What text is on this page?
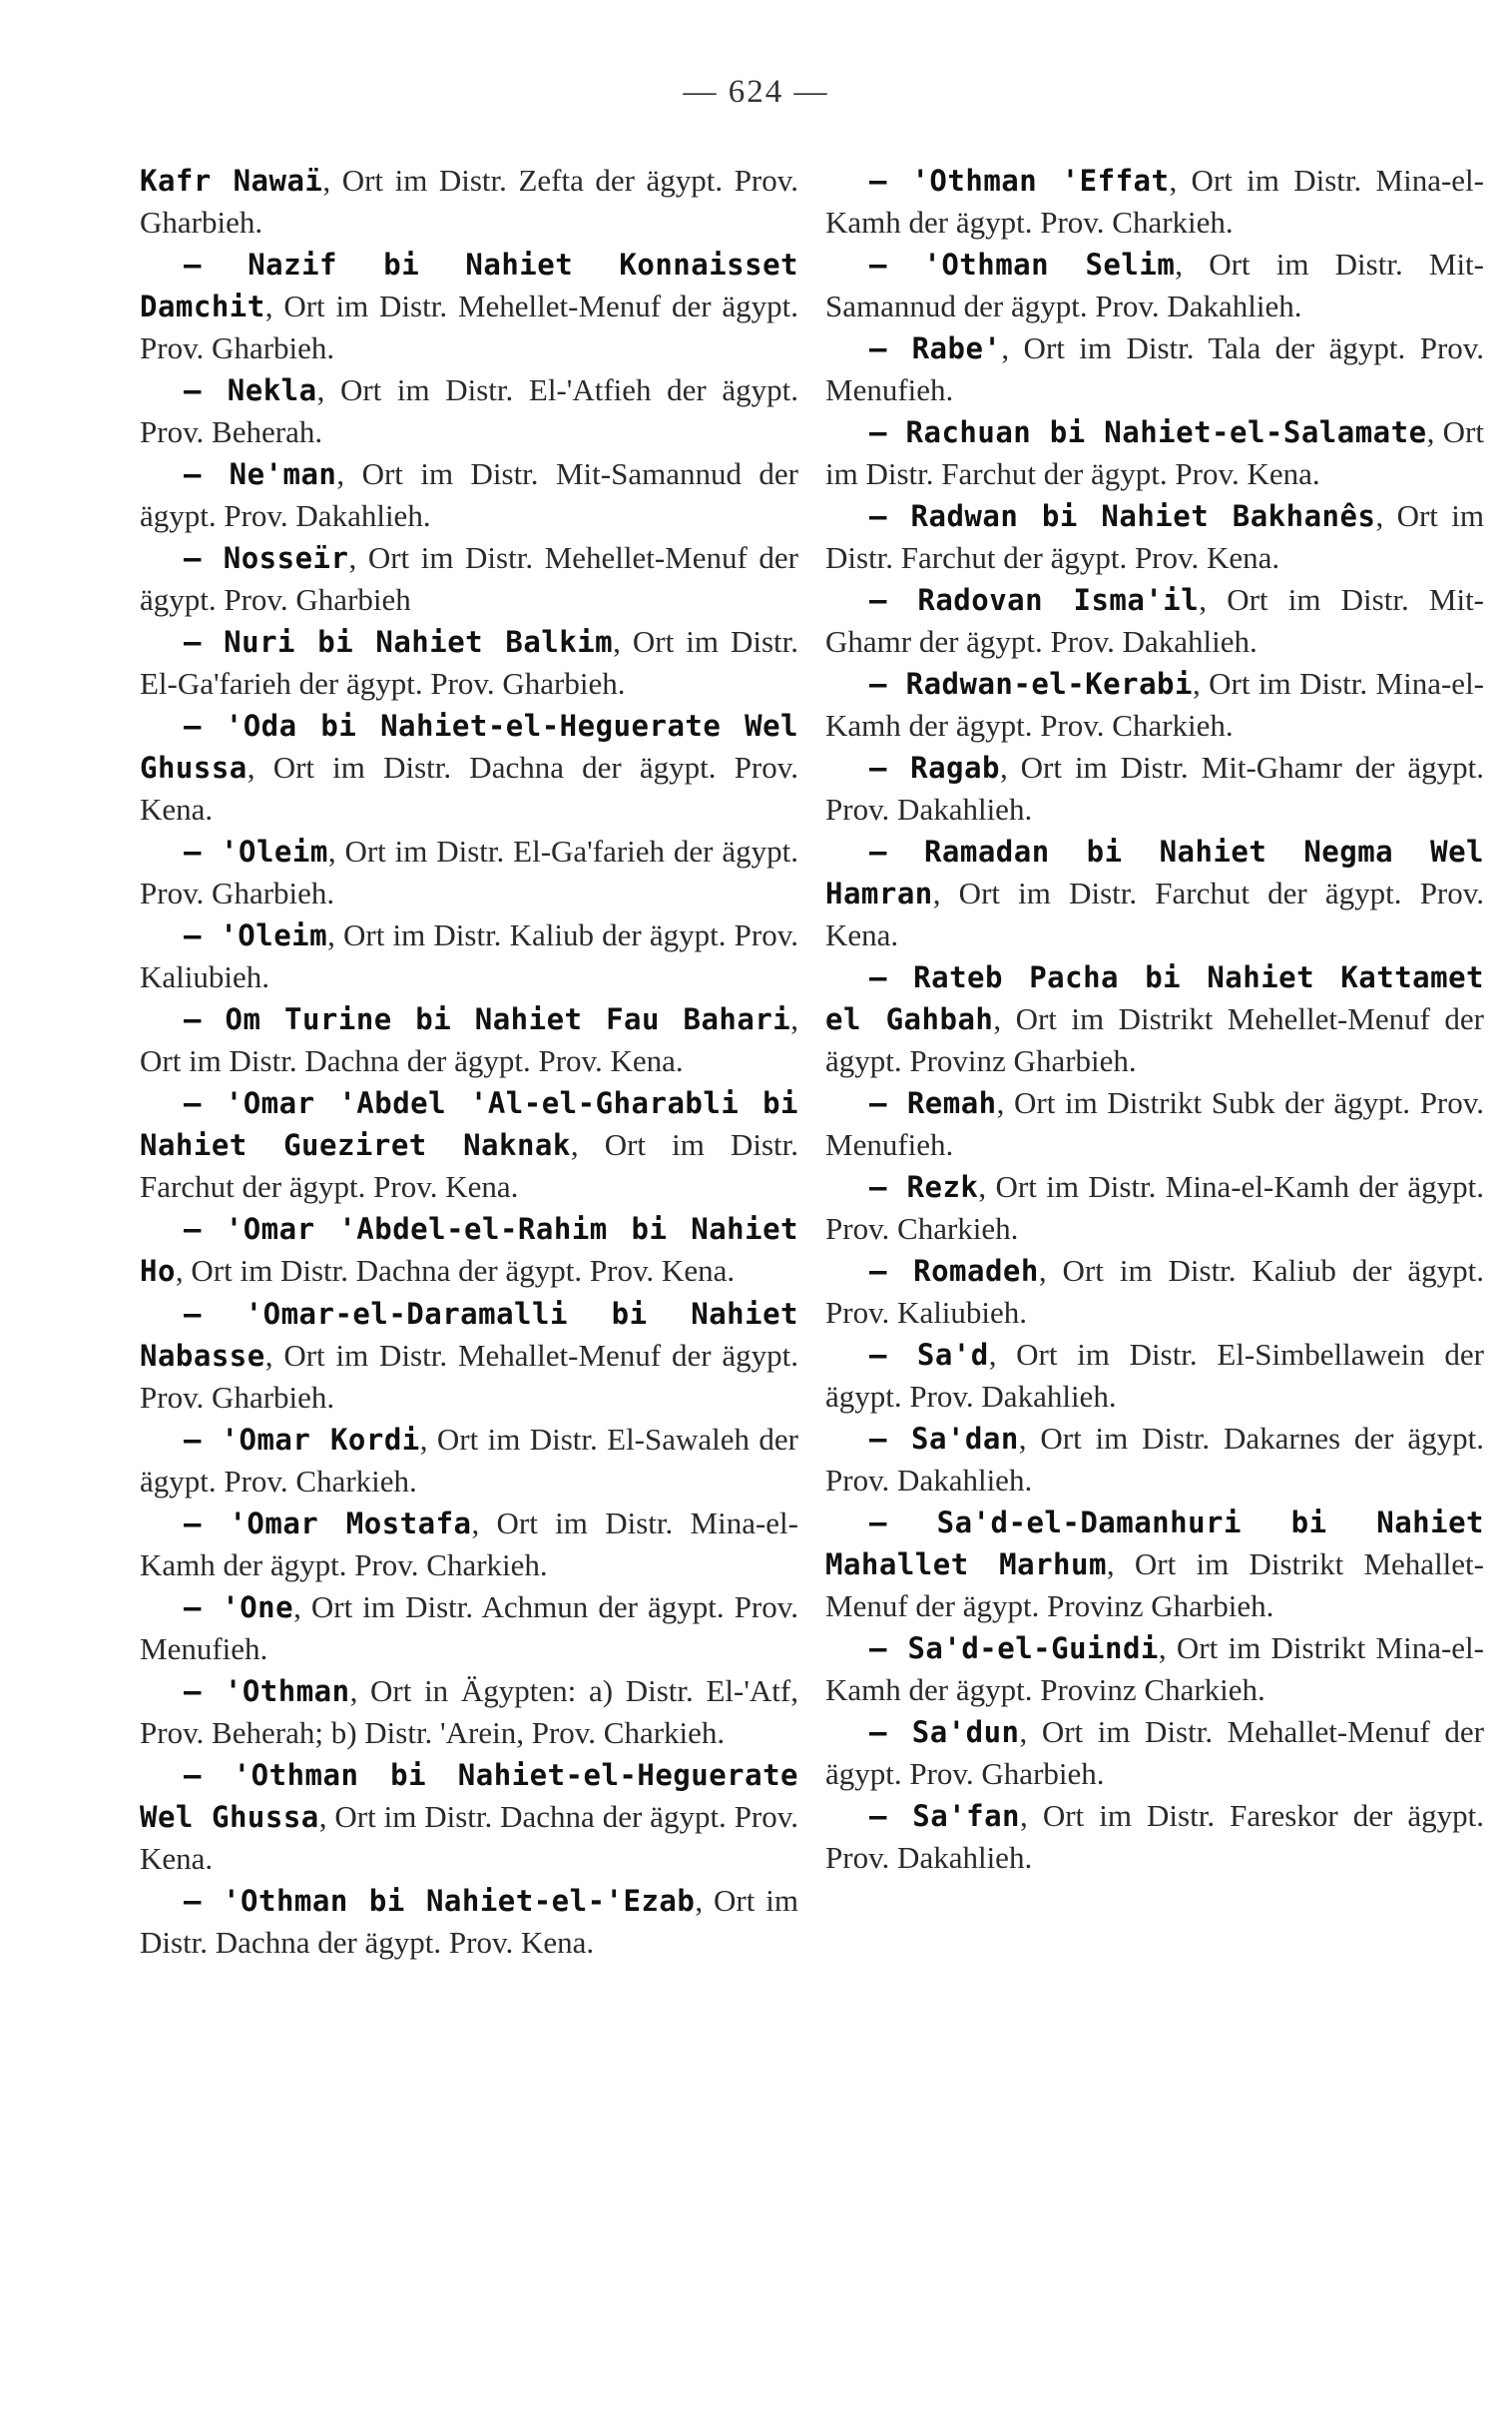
— 624 —

Kafr Nawaï, Ort im Distr. Zefta der ägypt. Prov. Gharbieh.

— Nazif bi Nahiet Konnaisset Damchit, Ort im Distr. Mehellet-Menuf der ägypt. Prov. Gharbieh.

— Nekla, Ort im Distr. El-'Atfieh der ägypt. Prov. Beherah.

— Ne'man, Ort im Distr. Mit-Samannud der ägypt. Prov. Dakahlieh.

— Nosseïr, Ort im Distr. Mehellet-Menuf der ägypt. Prov. Gharbieh

— Nuri bi Nahiet Balkim, Ort im Distr. El-Ga'farieh der ägypt. Prov. Gharbieh.

— 'Oda bi Nahiet-el-Heguerate Wel Ghussa, Ort im Distr. Dachna der ägypt. Prov. Kena.

— 'Oleim, Ort im Distr. El-Ga'farieh der ägypt. Prov. Gharbieh.

— 'Oleim, Ort im Distr. Kaliub der ägypt. Prov. Kaliubieh.

— Om Turine bi Nahiet Fau Bahari, Ort im Distr. Dachna der ägypt. Prov. Kena.

— 'Omar 'Abdel 'Al-el-Gharabli bi Nahiet Gueziret Naknak, Ort im Distr. Farchut der ägypt. Prov. Kena.

— 'Omar 'Abdel-el-Rahim bi Nahiet Ho, Ort im Distr. Dachna der ägypt. Prov. Kena.

— 'Omar-el-Daramalli bi Nahiet Nabasse, Ort im Distr. Mehallet-Menuf der ägypt. Prov. Gharbieh.

— 'Omar Kordi, Ort im Distr. El-Sawaleh der ägypt. Prov. Charkieh.

— 'Omar Mostafa, Ort im Distr. Mina-el-Kamh der ägypt. Prov. Charkieh.

— 'One, Ort im Distr. Achmun der ägypt. Prov. Menufieh.

— 'Othman, Ort in Ägypten: a) Distr. El-'Atf, Prov. Beherah; b) Distr. 'Arein, Prov. Charkieh.

— 'Othman bi Nahiet-el-Heguerate Wel Ghussa, Ort im Distr. Dachna der ägypt. Prov. Kena.

— 'Othman bi Nahiet-el-'Ezab, Ort im Distr. Dachna der ägypt. Prov. Kena.

— 'Othman 'Effat, Ort im Distr. Mina-el-Kamh der ägypt. Prov. Charkieh.

— 'Othman Selim, Ort im Distr. Mit-Samannud der ägypt. Prov. Dakahlieh.

— Rabe', Ort im Distr. Tala der ägypt. Prov. Menufieh.

— Rachuan bi Nahiet-el-Salamate, Ort im Distr. Farchut der ägypt. Prov. Kena.

— Radwan bi Nahiet Bakhanês, Ort im Distr. Farchut der ägypt. Prov. Kena.

— Radovan Isma'il, Ort im Distr. Mit-Ghamr der ägypt. Prov. Dakahlieh.

— Radwan-el-Kerabi, Ort im Distr. Mina-el-Kamh der ägypt. Prov. Charkieh.

— Ragab, Ort im Distr. Mit-Ghamr der ägypt. Prov. Dakahlieh.

— Ramadan bi Nahiet Negma Wel Hamran, Ort im Distr. Farchut der ägypt. Prov. Kena.

— Rateb Pacha bi Nahiet Kattamet el Gahbah, Ort im Distrikt Mehellet-Menuf der ägypt. Provinz Gharbieh.

— Remah, Ort im Distrikt Subk der ägypt. Prov. Menufieh.

— Rezk, Ort im Distr. Mina-el-Kamh der ägypt. Prov. Charkieh.

— Romadeh, Ort im Distr. Kaliub der ägypt. Prov. Kaliubieh.

— Sa'd, Ort im Distr. El-Simbellawein der ägypt. Prov. Dakahlieh.

— Sa'dan, Ort im Distr. Dakarnes der ägypt. Prov. Dakahlieh.

— Sa'd-el-Damanhuri bi Nahiet Mahallet Marhum, Ort im Distrikt Mehallet-Menuf der ägypt. Provinz Gharbieh.

— Sa'd-el-Guindi, Ort im Distrikt Mina-el-Kamh der ägypt. Provinz Charkieh.

— Sa'dun, Ort im Distr. Mehallet-Menuf der ägypt. Prov. Gharbieh.

— Sa'fan, Ort im Distr. Fareskor der ägypt. Prov. Dakahlieh.
